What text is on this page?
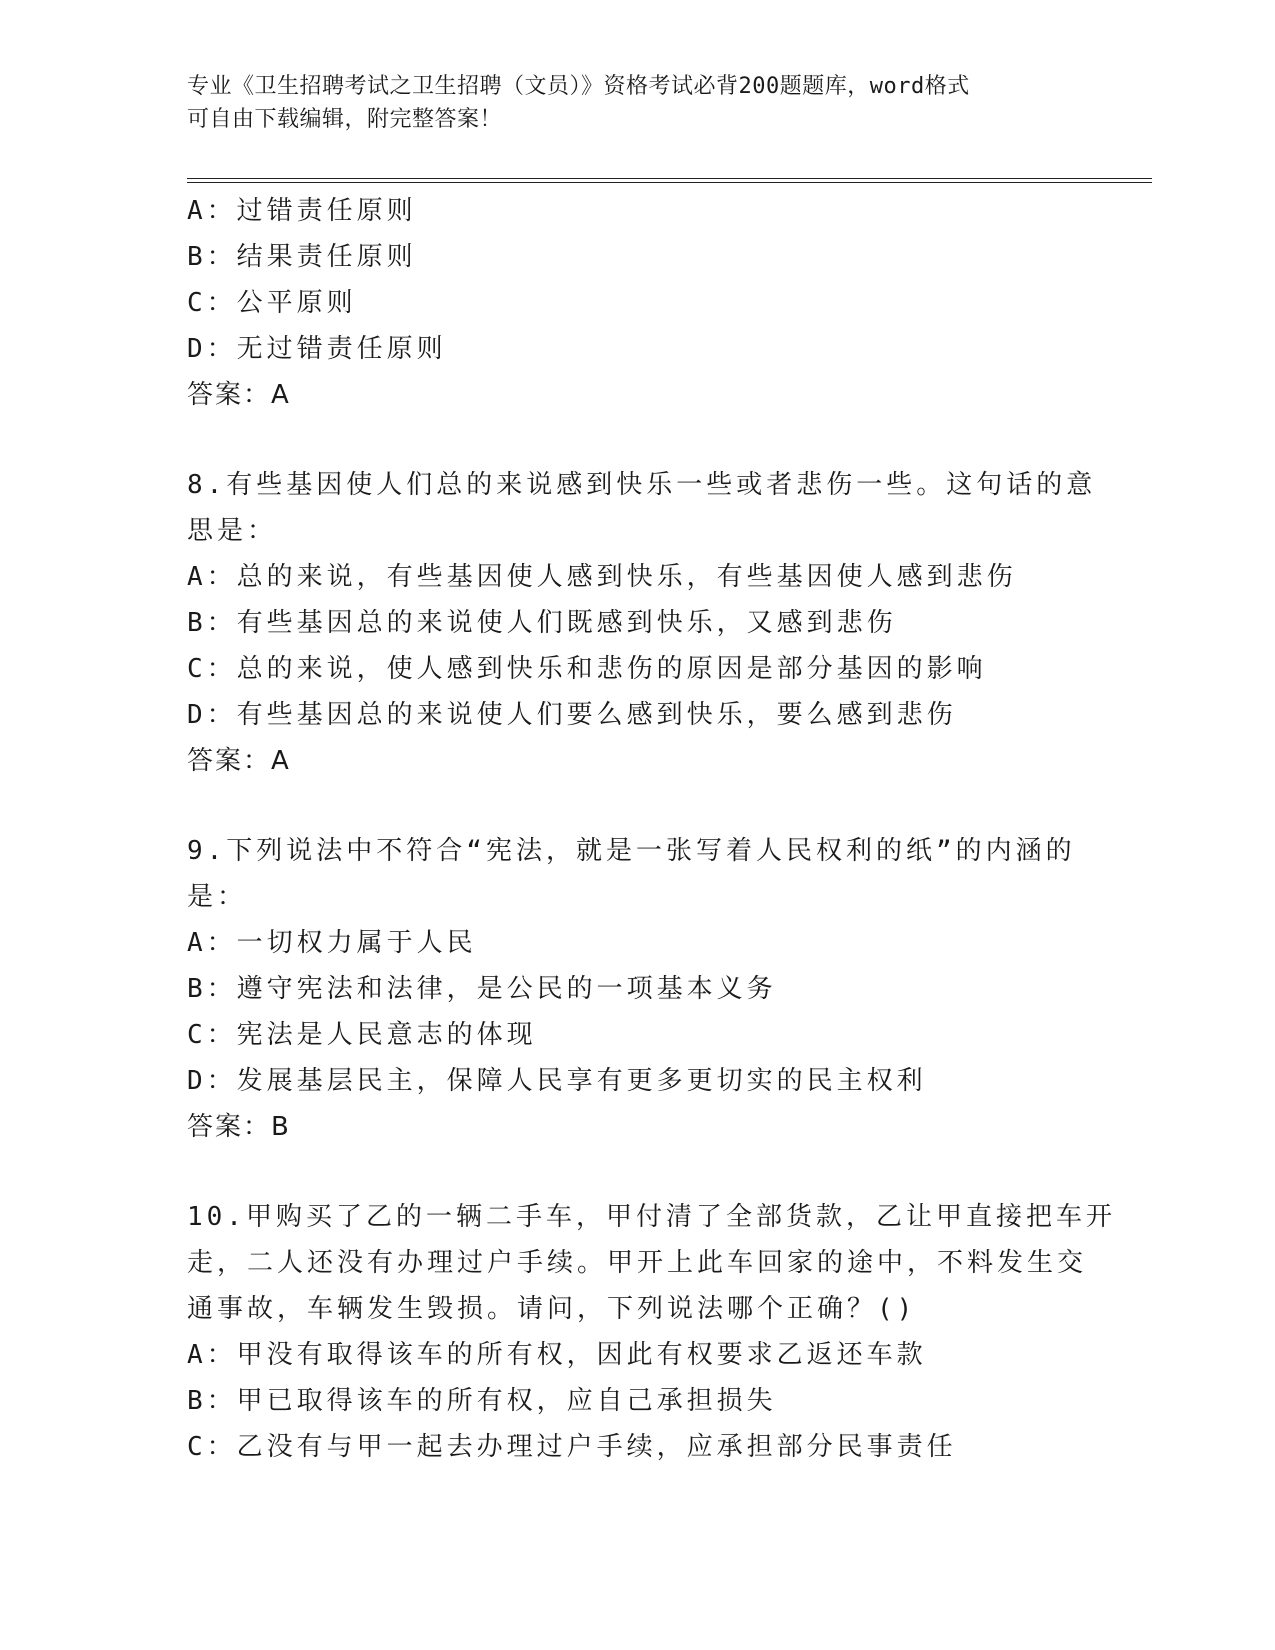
专业《卫生招聘考试之卫生招聘（文员）》资格考试必背200题题库，word格式
可自由下载编辑，附完整答案！
A：过错责任原则
B：结果责任原则
C：公平原则
D：无过错责任原则
答案：A
8.有些基因使人们总的来说感到快乐一些或者悲伤一些。这句话的意
思是：
A：总的来说，有些基因使人感到快乐，有些基因使人感到悲伤
B：有些基因总的来说使人们既感到快乐，又感到悲伤
C：总的来说，使人感到快乐和悲伤的原因是部分基因的影响
D：有些基因总的来说使人们要么感到快乐，要么感到悲伤
答案：A
9.下列说法中不符合“宪法，就是一张写着人民权利的纸”的内涵的
是：
A：一切权力属于人民
B：遵守宪法和法律，是公民的一项基本义务
C：宪法是人民意志的体现
D：发展基层民主，保障人民享有更多更切实的民主权利
答案：B
10.甲购买了乙的一辆二手车，甲付清了全部货款，乙让甲直接把车开
走，二人还没有办理过户手续。甲开上此车回家的途中，不料发生交
通事故，车辆发生毁损。请问，下列说法哪个正确？()
A：甲没有取得该车的所有权，因此有权要求乙返还车款
B：甲已取得该车的所有权，应自己承担损失
C：乙没有与甲一起去办理过户手续，应承担部分民事责任
